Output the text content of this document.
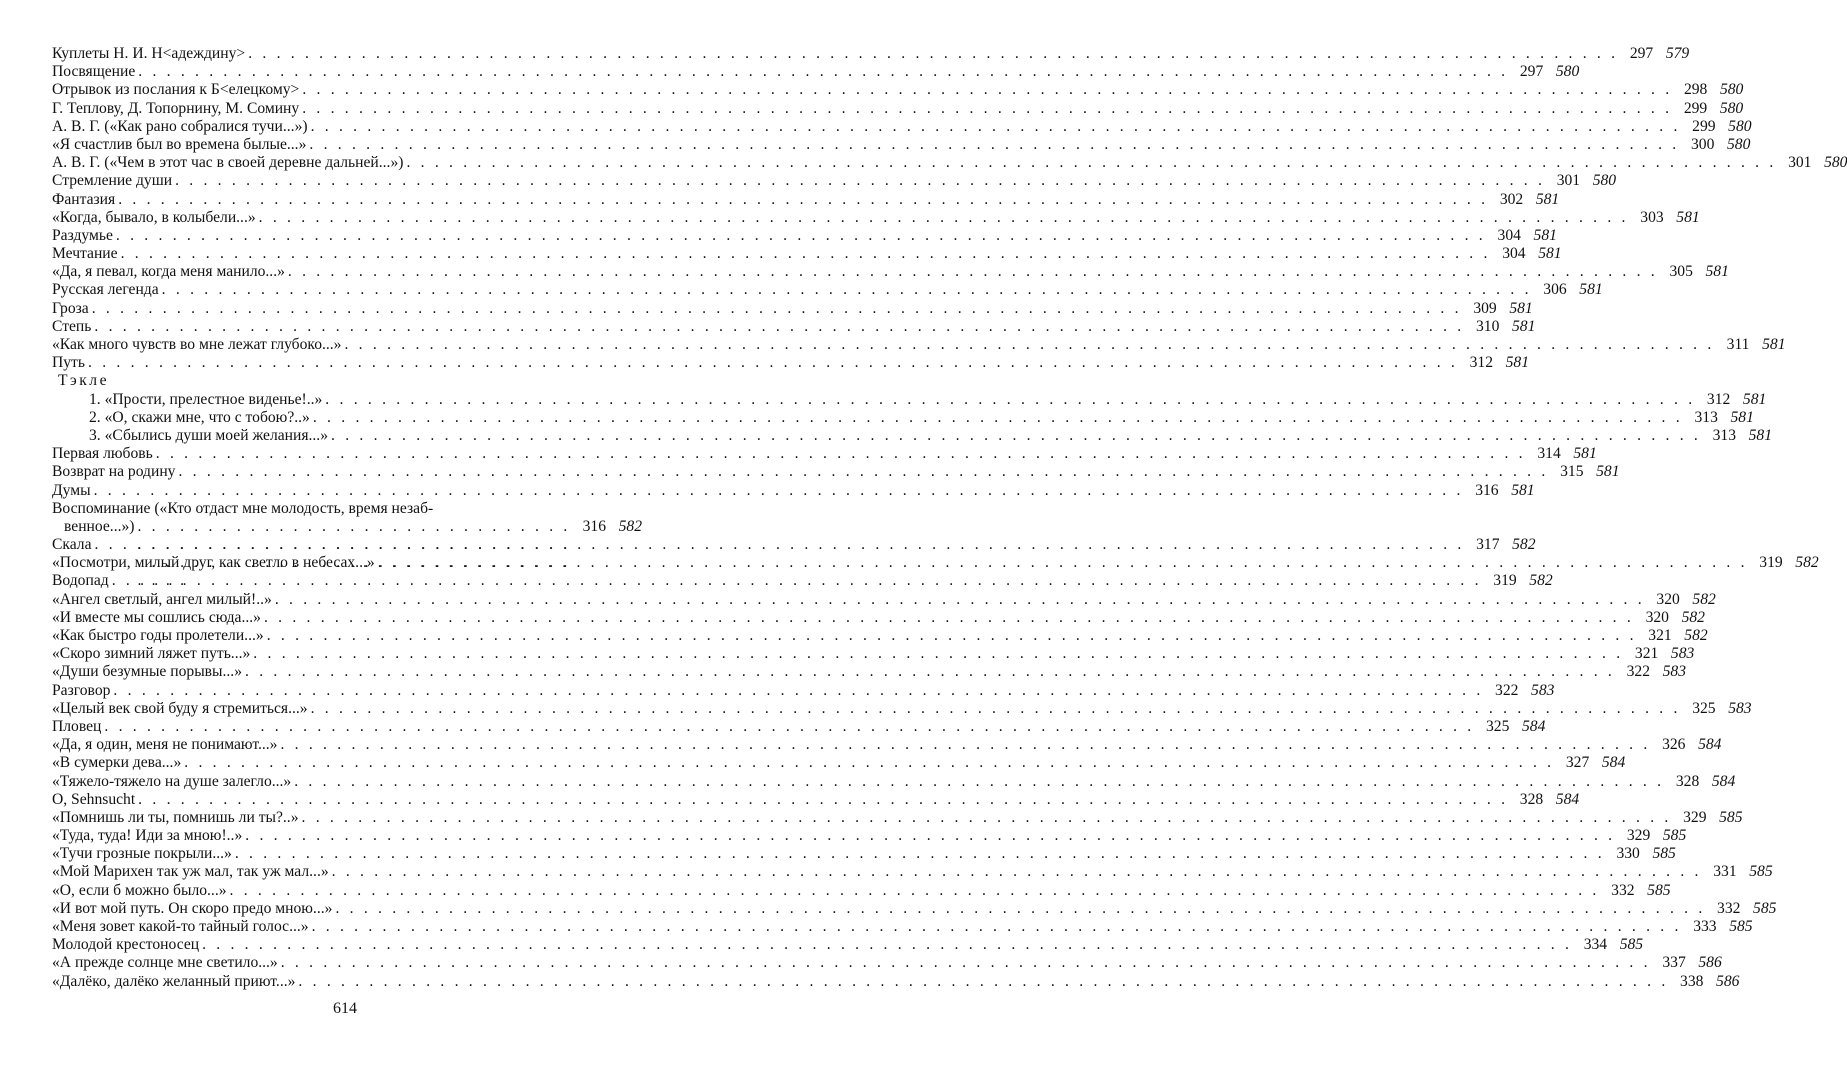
Куплеты Н. И. Н<адеждину> . . .	297 579
Посвящение . . .	297 580
Отрывок из послания к Б<елецкому> . . .	298 580
Г. Теплову, Д. Топорнину, М. Сомину . . .	299 580
А. В. Г. («Как рано собралися тучи...») . . .	299 580
«Я счастлив был во времена былые...» . . .	300 580
А. В. Г. («Чем в этот час в своей деревне дальней...») . . .	301 580
Стремление души . . .	301 580
Фантазия . . .	302 581
«Когда, бывало, в колыбели...» . . .	303 581
Раздумье . . .	304 581
Мечтание . . .	304 581
«Да, я певал, когда меня манило...» . . .	305 581
Русская легенда . . .	306 581
Гроза . . .	309 581
Степь . . .	310 581
«Как много чувств во мне лежат глубоко...» . . .	311 581
Путь . . .	312 581
Тэкле
1. «Прости, прелестное виденье!..» . . .	312 581
2. «О, скажи мне, что с тобою?..» . . .	313 581
3. «Сбылись души моей желания...» . . .	313 581
Первая любовь . . .	314 581
Возврат на родину . . .	315 581
Думы . . .	316 581
Воспоминание («Кто отдаст мне молодость, время незаб-
венное...») . . .	316 582
Скала . . .	317 582
«Посмотри, милый друг, как светло в небесах...» . . .	319 582
Водопад . . .	319 582
«Ангел светлый, ангел милый!..» . . .	320 582
«И вместе мы сошлись сюда...» . . .	320 582
«Как быстро годы пролетели...» . . .	321 582
«Скоро зимний ляжет путь...» . . .	321 583
«Души безумные порывы...» . . .	322 583
Разговор . . .	322 583
«Целый век свой буду я стремиться...» . . .	325 583
Пловец . . .	325 584
«Да, я один, меня не понимают...» . . .	326 584
«В сумерки дева...» . . .	327 584
«Тяжело-тяжело на душе залегло...» . . .	328 584
О, Sehnsucht . . .	328 584
«Помнишь ли ты, помнишь ли ты?..» . . .	329 585
«Туда, туда! Иди за мною!..» . . .	329 585
«Тучи грозные покрыли...» . . .	330 585
«Мой Марихен так уж мал, так уж мал...» . . .	331 585
«О, если б можно было...» . . .	332 585
«И вот мой путь. Он скоро предо мною...» . . .	332 585
«Меня зовет какой-то тайный голос...» . . .	333 585
Молодой крестоносец . . .	334 585
«А прежде солнце мне светило...» . . .	337 586
«Далёко, далёко желанный приют...» . . .	338 586
614
